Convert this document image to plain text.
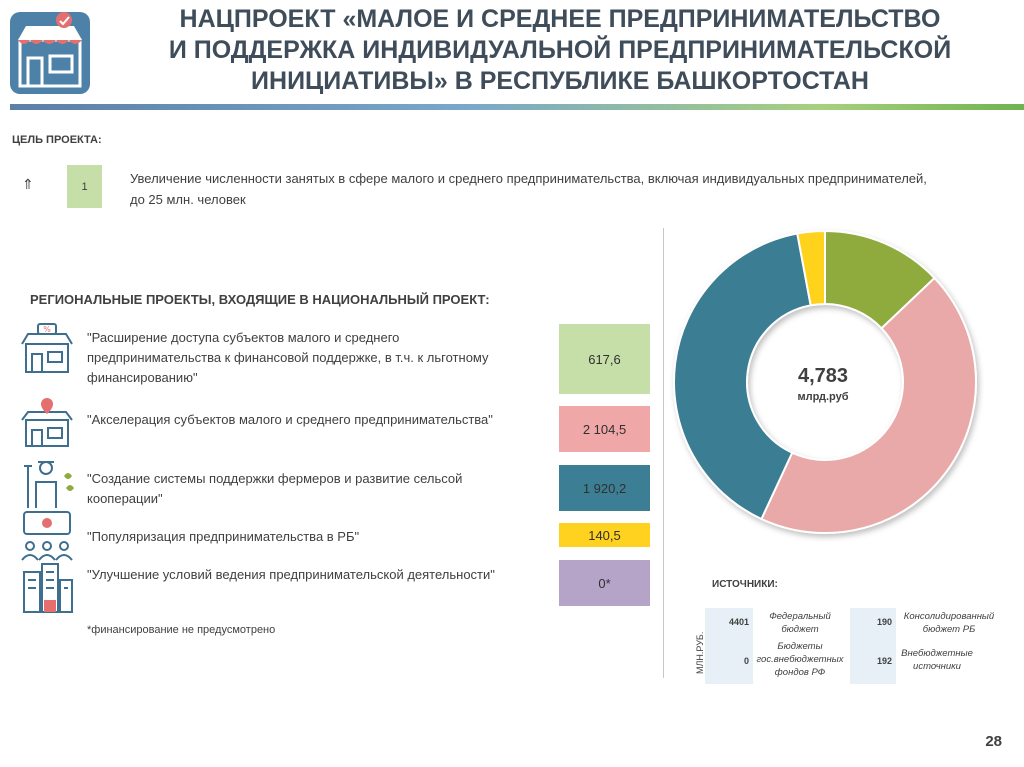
НАЦПРОЕКТ «МАЛОЕ И СРЕДНЕЕ ПРЕДПРИНИМАТЕЛЬСТВО
И ПОДДЕРЖКА ИНДИВИДУАЛЬНОЙ ПРЕДПРИНИМАТЕЛЬСКОЙ
ИНИЦИАТИВЫ» В РЕСПУБЛИКЕ БАШКОРТОСТАН
ЦЕЛЬ ПРОЕКТА:
⇑	1
Увеличение численности занятых в сфере малого и среднего предпринимательства, включая индивидуальных предпринимателей, до 25 млн. человек
РЕГИОНАЛЬНЫЕ ПРОЕКТЫ, ВХОДЯЩИЕ В НАЦИОНАЛЬНЫЙ ПРОЕКТ:
%
"Расширение доступа субъектов малого и среднего предпринимательства к финансовой поддержке, в т.ч. к льготному финансированию"
617,6
"Акселерация субъектов малого и среднего предпринимательства"
2 104,5
"Создание системы поддержки фермеров и развитие сельсой кооперации"
1 920,2
"Популяризация предпринимательства в РБ"	140,5
"Улучшение условий ведения предпринимательской деятельности"
0*
*финансирование не предусмотрено
4,783
млрд.руб
ИСТОЧНИКИ:
МЛН.РУБ.
4401
0
Федеральный бюджет
Бюджеты гос.внебюджетных фондов РФ
190
192
Консолидированный бюджет РБ
Внебюджетные источники
28
